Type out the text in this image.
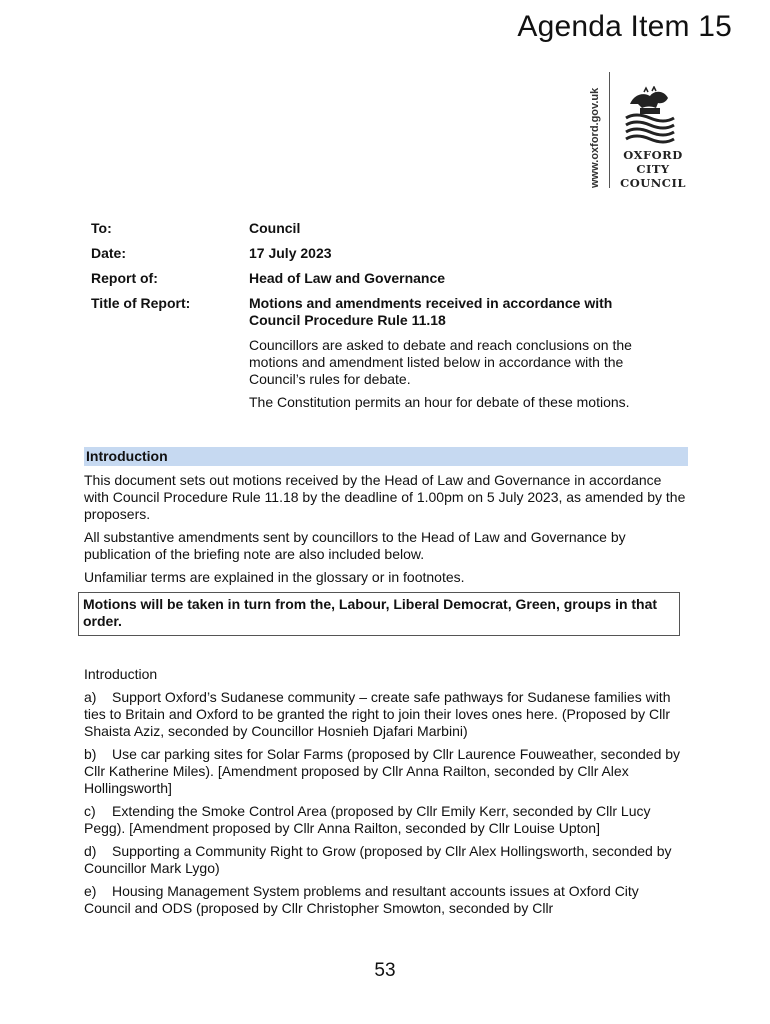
Agenda Item 15
www.oxford.gov.uk	OXFORD
CITY
COUNCIL
To:	Council
Date:	17 July 2023
Report of:	Head of Law and Governance
Title of Report:	Motions and amendments received in accordance with Council Procedure Rule 11.18
Councillors are asked to debate and reach conclusions on the motions and amendment listed below in accordance with the Council’s rules for debate.
The Constitution permits an hour for debate of these motions.
Introduction

This document sets out motions received by the Head of Law and Governance in accordance with Council Procedure Rule 11.18 by the deadline of 1.00pm on 5 July 2023, as amended by the proposers.

All substantive amendments sent by councillors to the Head of Law and Governance by publication of the briefing note are also included below.

Unfamiliar terms are explained in the glossary or in footnotes.

Motions will be taken in turn from the, Labour, Liberal Democrat, Green, groups in that order.

Introduction

a) Support Oxford’s Sudanese community – create safe pathways for Sudanese families with ties to Britain and Oxford to be granted the right to join their loves ones here. (Proposed by Cllr Shaista Aziz, seconded by Councillor Hosnieh Djafari Marbini)
b) Use car parking sites for Solar Farms (proposed by Cllr Laurence Fouweather, seconded by Cllr Katherine Miles). [Amendment proposed by Cllr Anna Railton, seconded by Cllr Alex Hollingsworth]
c) Extending the Smoke Control Area (proposed by Cllr Emily Kerr, seconded by Cllr Lucy Pegg). [Amendment proposed by Cllr Anna Railton, seconded by Cllr Louise Upton]
d) Supporting a Community Right to Grow (proposed by Cllr Alex Hollingsworth, seconded by Councillor Mark Lygo)
e) Housing Management System problems and resultant accounts issues at Oxford City Council and ODS (proposed by Cllr Christopher Smowton, seconded by Cllr
53
